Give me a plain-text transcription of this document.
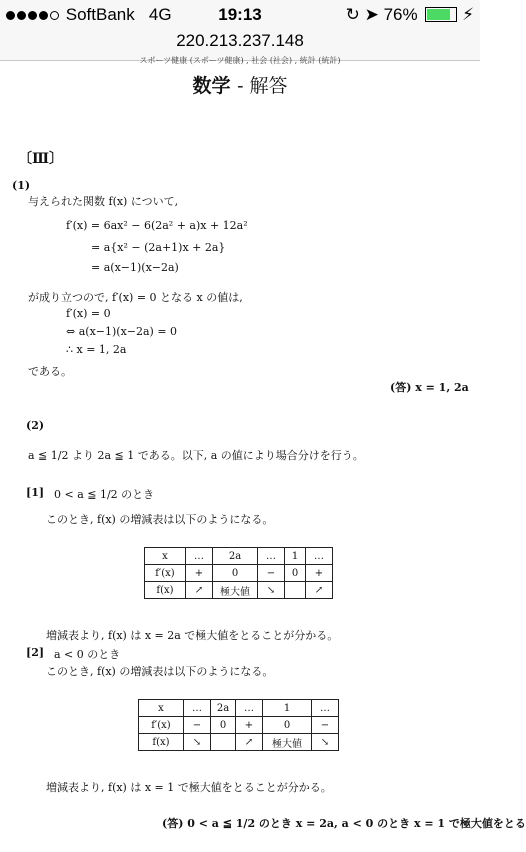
SoftBank 4G	19:13	↻ ➤ 76%	⚡
220.213.237.148
スポーツ健康 (スポーツ健康) , 社会 (社会) , 統計 (統計)
数学 - 解答
〔Ⅲ〕
(1)
与えられた関数 f(x) について,
f′(x) = 6ax² − 6(2a² + a)x + 12a²
= a{x² − (2a+1)x + 2a}
= a(x−1)(x−2a)
が成り立つので, f′(x) = 0 となる x の値は,
f′(x) = 0
⇔ a(x−1)(x−2a) = 0
∴ x = 1, 2a
である。
(答) x = 1, 2a
(2)
a ≦ 1/2 より 2a ≦ 1 である。以下, a の値により場合分けを行う。
[1] 0 < a ≦ 1/2 のとき
このとき, f(x) の増減表は以下のようになる。
x	…	2a	…	1	…
f′(x)	+	0	−	0	+
f(x)	↗	極大値	↘		↗
増減表より, f(x) は x = 2a で極大値をとることが分かる。
[2] a < 0 のとき
このとき, f(x) の増減表は以下のようになる。
x	…	2a	…	1	…
f′(x)	−	0	+	0	−
f(x)	↘		↗	極大値	↘
増減表より, f(x) は x = 1 で極大値をとることが分かる。
(答) 0 < a ≦ 1/2 のとき x = 2a, a < 0 のとき x = 1 で極大値をとる
